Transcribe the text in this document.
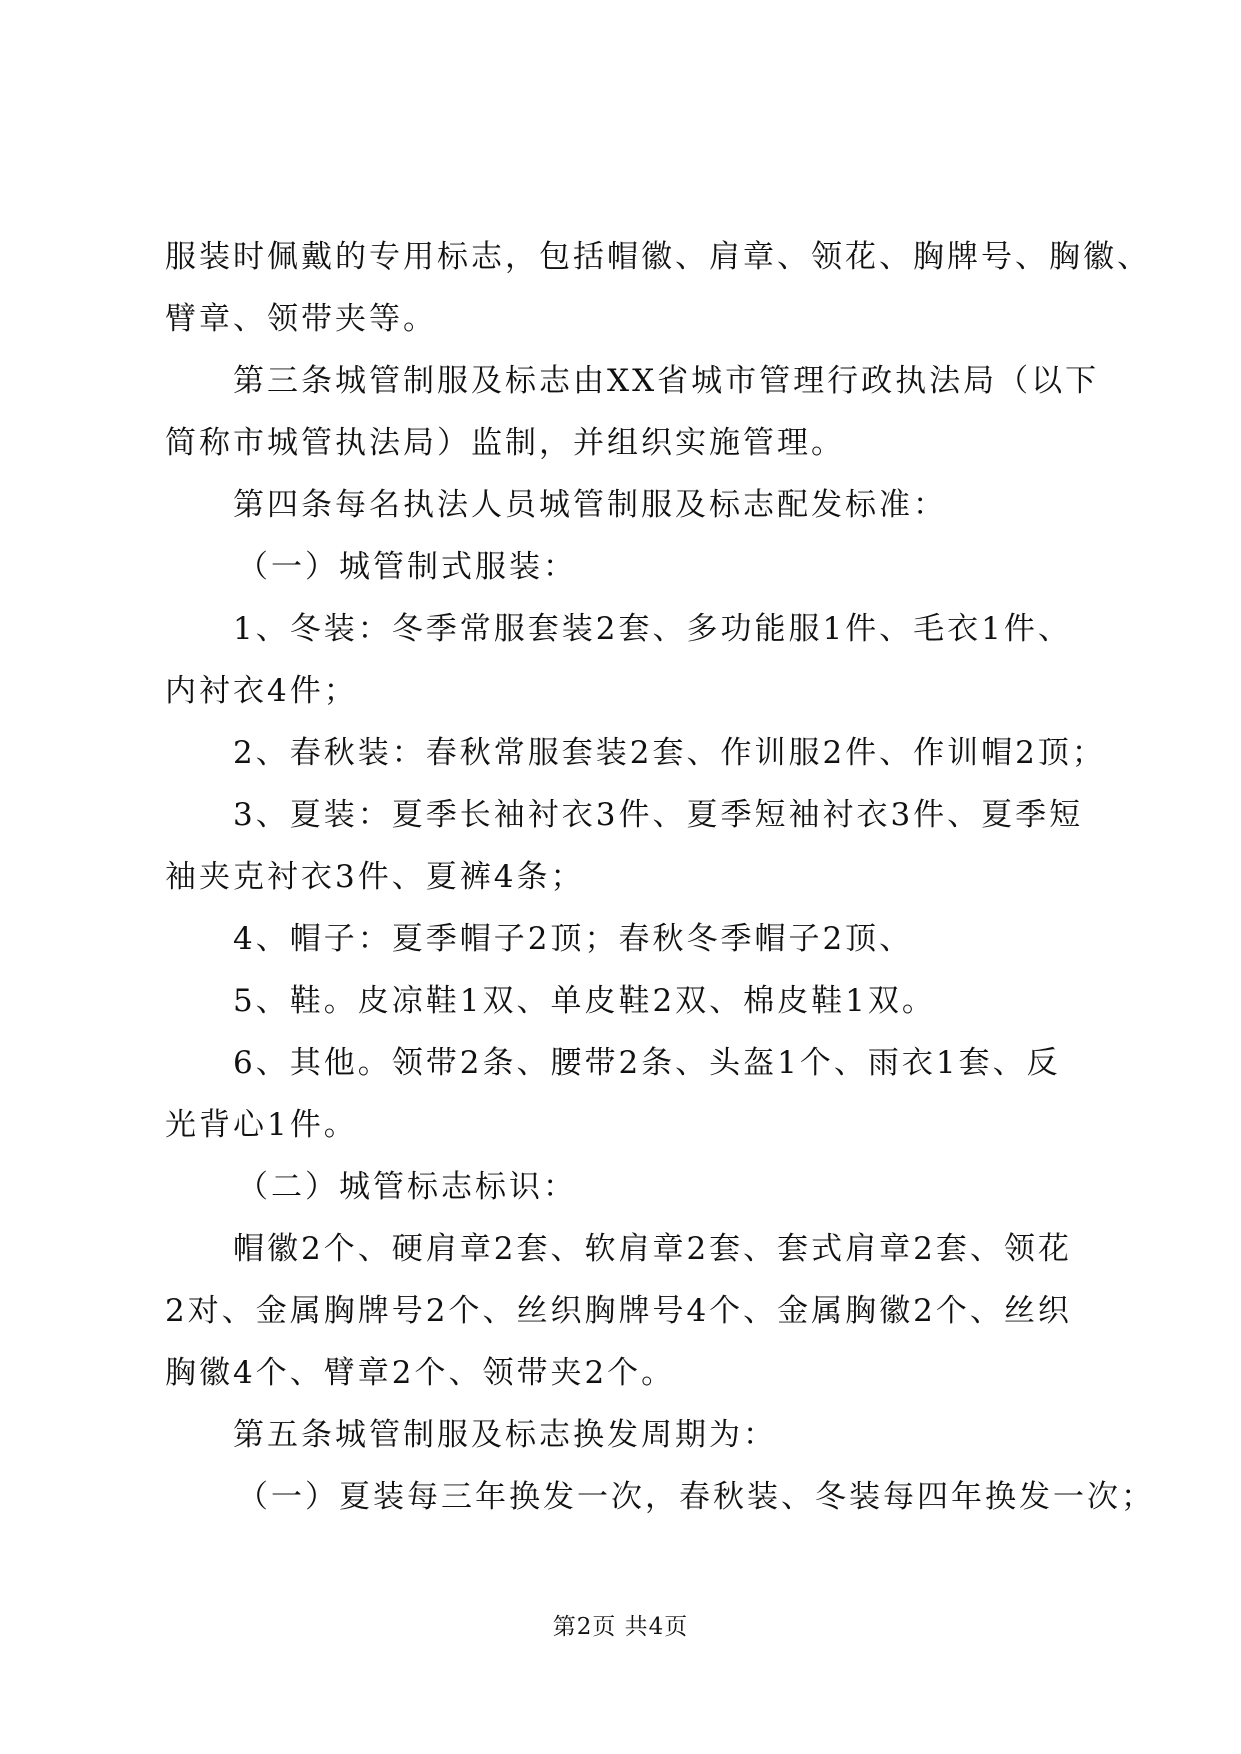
服装时佩戴的专用标志，包括帽徽、肩章、领花、胸牌号、胸徽、
臂章、领带夹等。
第三条城管制服及标志由XX省城市管理行政执法局（以下
简称市城管执法局）监制，并组织实施管理。
第四条每名执法人员城管制服及标志配发标准：
（一）城管制式服装：
1、冬装：冬季常服套装2套、多功能服1件、毛衣1件、
内衬衣4件；
2、春秋装：春秋常服套装2套、作训服2件、作训帽2顶；
3、夏装：夏季长袖衬衣3件、夏季短袖衬衣3件、夏季短
袖夹克衬衣3件、夏裤4条；
4、帽子：夏季帽子2顶；春秋冬季帽子2顶、
5、鞋。皮凉鞋1双、单皮鞋2双、棉皮鞋1双。
6、其他。领带2条、腰带2条、头盔1个、雨衣1套、反
光背心1件。
（二）城管标志标识：
帽徽2个、硬肩章2套、软肩章2套、套式肩章2套、领花
2对、金属胸牌号2个、丝织胸牌号4个、金属胸徽2个、丝织
胸徽4个、臂章2个、领带夹2个。
第五条城管制服及标志换发周期为：
（一）夏装每三年换发一次，春秋装、冬装每四年换发一次；
第2页 共4页
